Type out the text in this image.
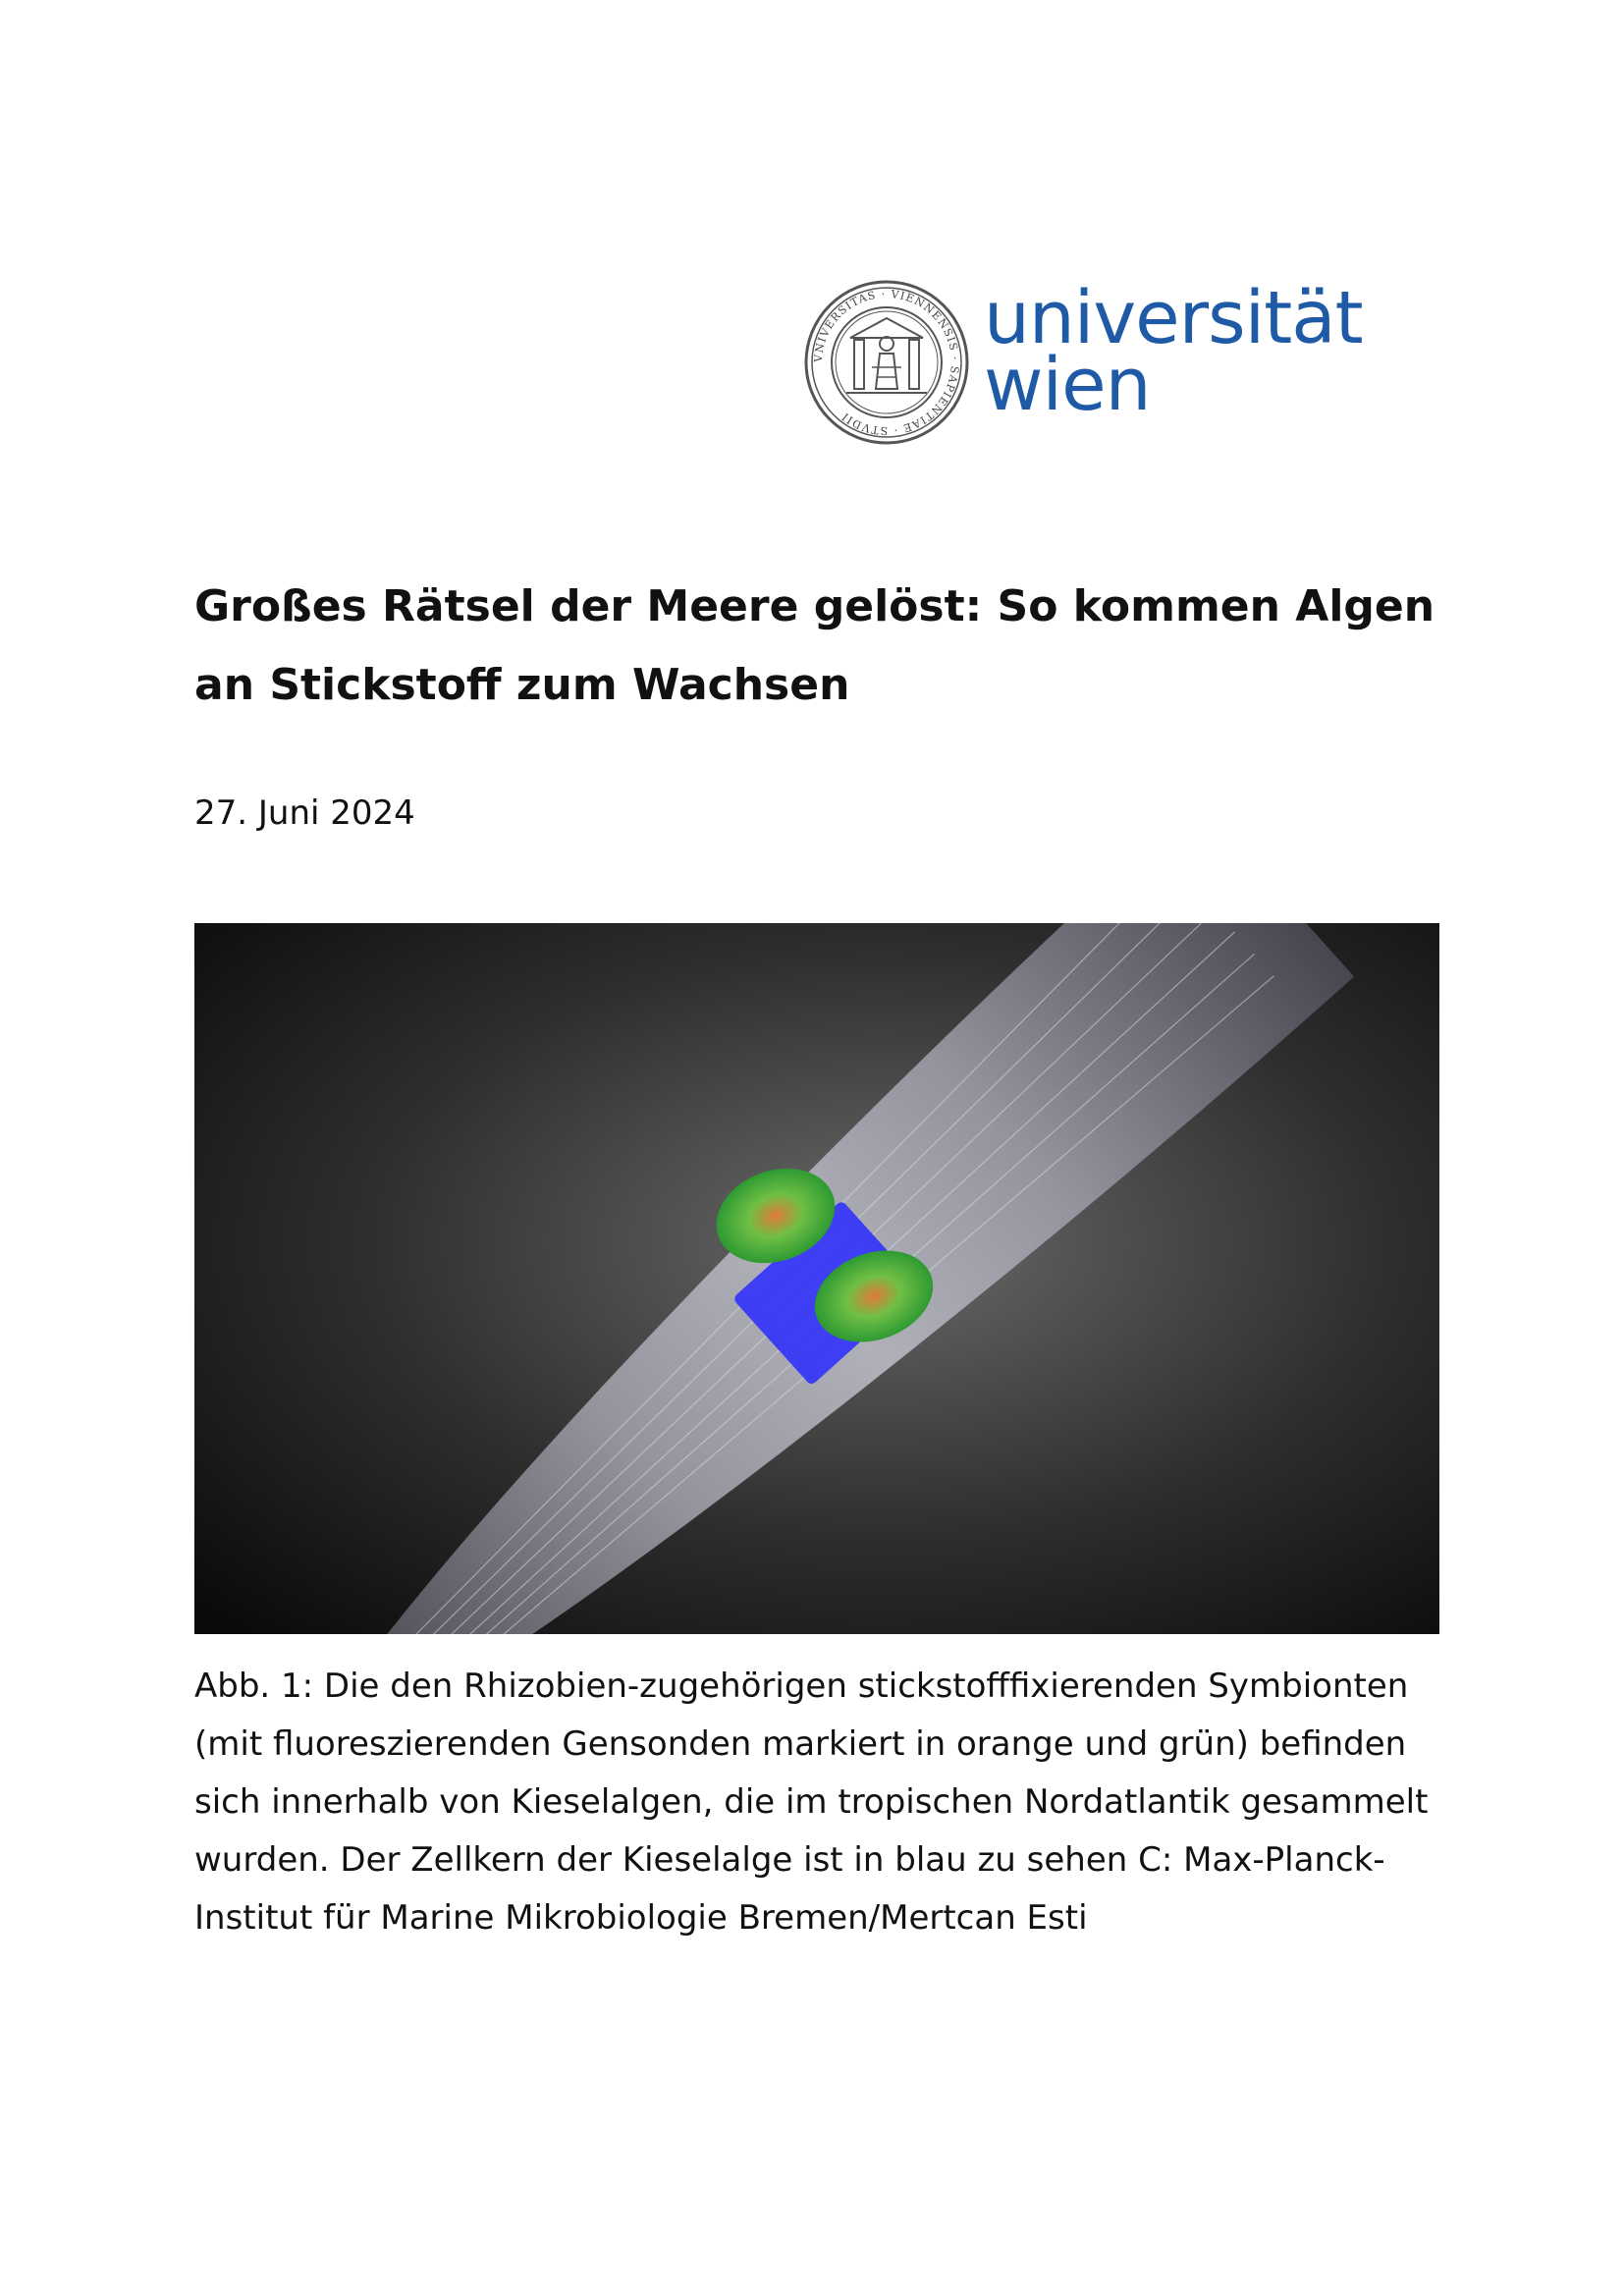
VNIVERSITAS · VIENNENSIS · SAPIENTIAE · STVDII
universität
wien
Großes Rätsel der Meere gelöst: So kommen Algen an Stickstoff zum Wachsen
27. Juni 2024

Abb. 1: Die den Rhizobien-zugehörigen stickstofffixierenden Symbionten (mit fluoreszierenden Gensonden markiert in orange und grün) befinden sich innerhalb von Kieselalgen, die im tropischen Nordatlantik gesammelt wurden. Der Zellkern der Kieselalge ist in blau zu sehen C: Max-Planck-Institut für Marine Mikrobiologie Bremen/Mertcan Esti
